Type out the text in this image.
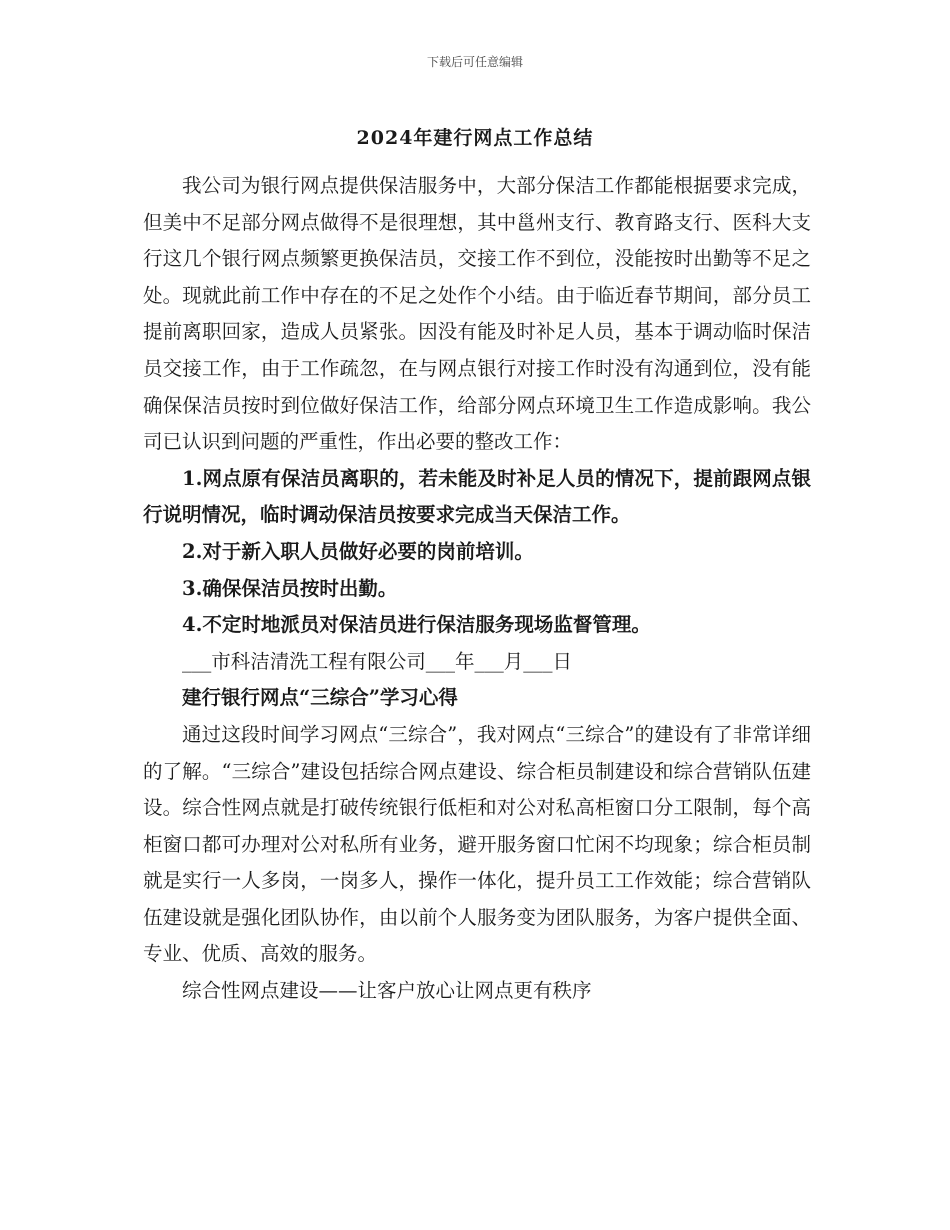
下载后可任意编辑
2024年建行网点工作总结

我公司为银行网点提供保洁服务中，大部分保洁工作都能根据要求完成，但美中不足部分网点做得不是很理想，其中邕州支行、教育路支行、医科大支行这几个银行网点频繁更换保洁员，交接工作不到位，没能按时出勤等不足之处。现就此前工作中存在的不足之处作个小结。由于临近春节期间，部分员工提前离职回家，造成人员紧张。因没有能及时补足人员，基本于调动临时保洁员交接工作，由于工作疏忽，在与网点银行对接工作时没有沟通到位，没有能确保保洁员按时到位做好保洁工作，给部分网点环境卫生工作造成影响。我公司已认识到问题的严重性，作出必要的整改工作：

1.网点原有保洁员离职的，若未能及时补足人员的情况下，提前跟网点银行说明情况，临时调动保洁员按要求完成当天保洁工作。

2.对于新入职人员做好必要的岗前培训。

3.确保保洁员按时出勤。

4.不定时地派员对保洁员进行保洁服务现场监督管理。

___市科洁清洗工程有限公司___年___月___日

建行银行网点“三综合”学习心得

通过这段时间学习网点“三综合”，我对网点“三综合”的建设有了非常详细的了解。“三综合”建设包括综合网点建设、综合柜员制建设和综合营销队伍建设。综合性网点就是打破传统银行低柜和对公对私高柜窗口分工限制，每个高柜窗口都可办理对公对私所有业务，避开服务窗口忙闲不均现象；综合柜员制就是实行一人多岗，一岗多人，操作一体化，提升员工工作效能；综合营销队伍建设就是强化团队协作，由以前个人服务变为团队服务，为客户提供全面、专业、优质、高效的服务。

综合性网点建设——让客户放心让网点更有秩序
